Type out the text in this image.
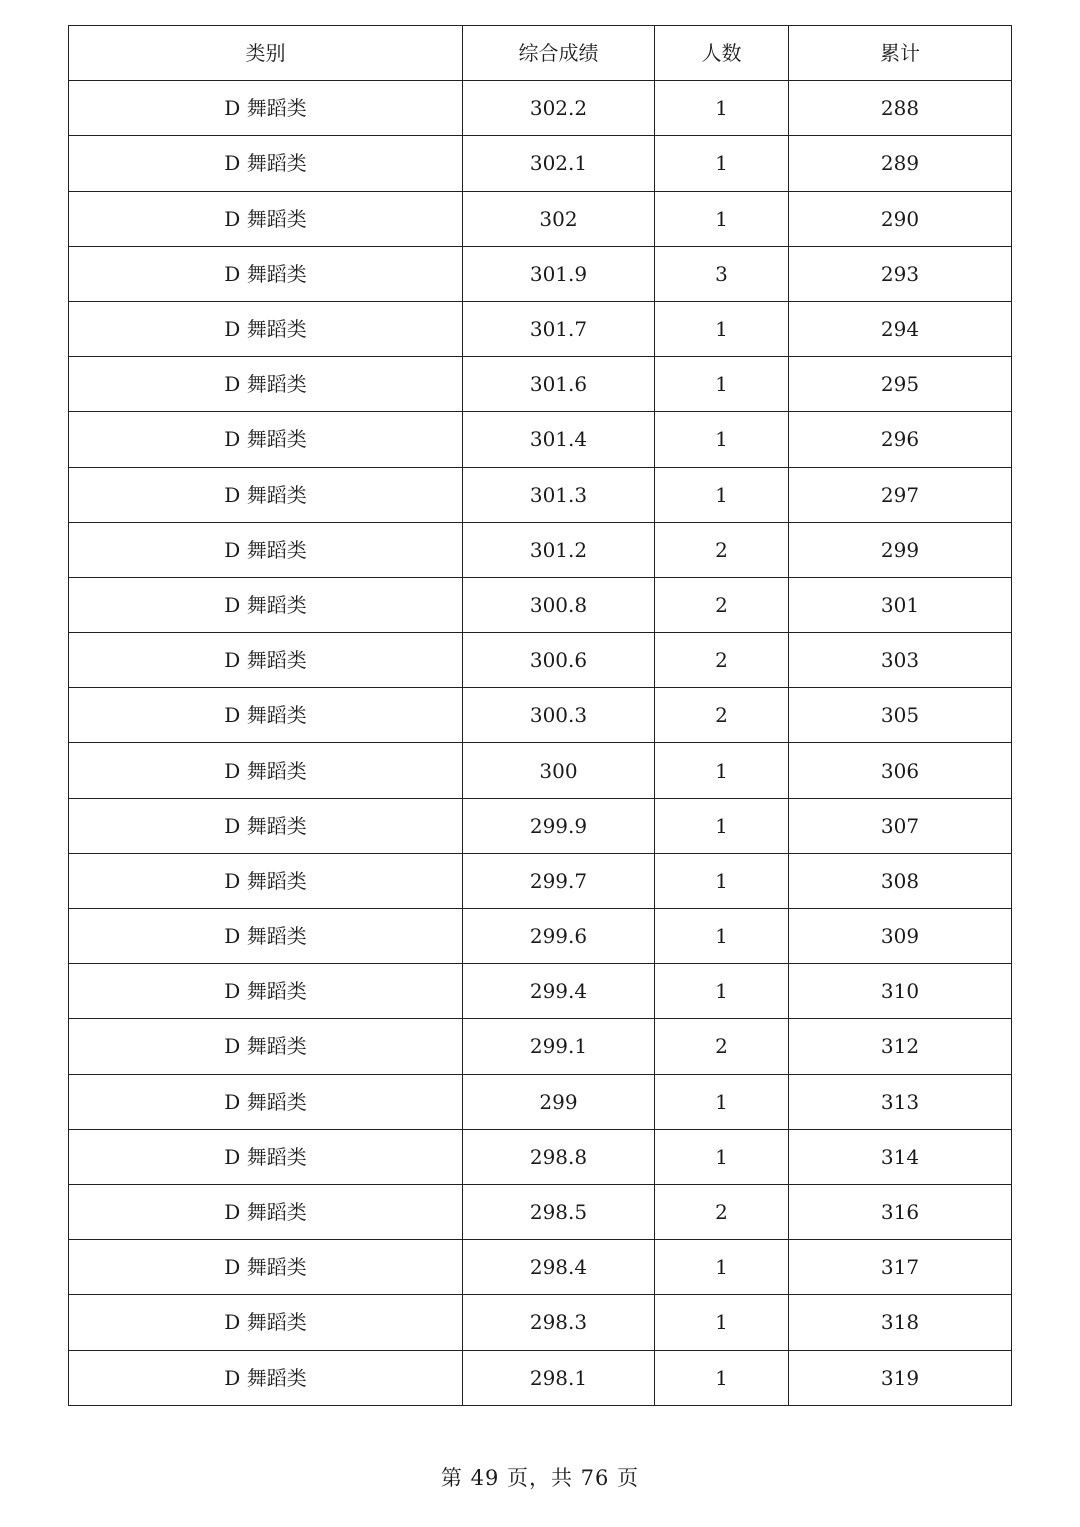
类别	综合成绩	人数	累计
D 舞蹈类	302.2	1	288
D 舞蹈类	302.1	1	289
D 舞蹈类	302	1	290
D 舞蹈类	301.9	3	293
D 舞蹈类	301.7	1	294
D 舞蹈类	301.6	1	295
D 舞蹈类	301.4	1	296
D 舞蹈类	301.3	1	297
D 舞蹈类	301.2	2	299
D 舞蹈类	300.8	2	301
D 舞蹈类	300.6	2	303
D 舞蹈类	300.3	2	305
D 舞蹈类	300	1	306
D 舞蹈类	299.9	1	307
D 舞蹈类	299.7	1	308
D 舞蹈类	299.6	1	309
D 舞蹈类	299.4	1	310
D 舞蹈类	299.1	2	312
D 舞蹈类	299	1	313
D 舞蹈类	298.8	1	314
D 舞蹈类	298.5	2	316
D 舞蹈类	298.4	1	317
D 舞蹈类	298.3	1	318
D 舞蹈类	298.1	1	319
第 49 页，共 76 页
